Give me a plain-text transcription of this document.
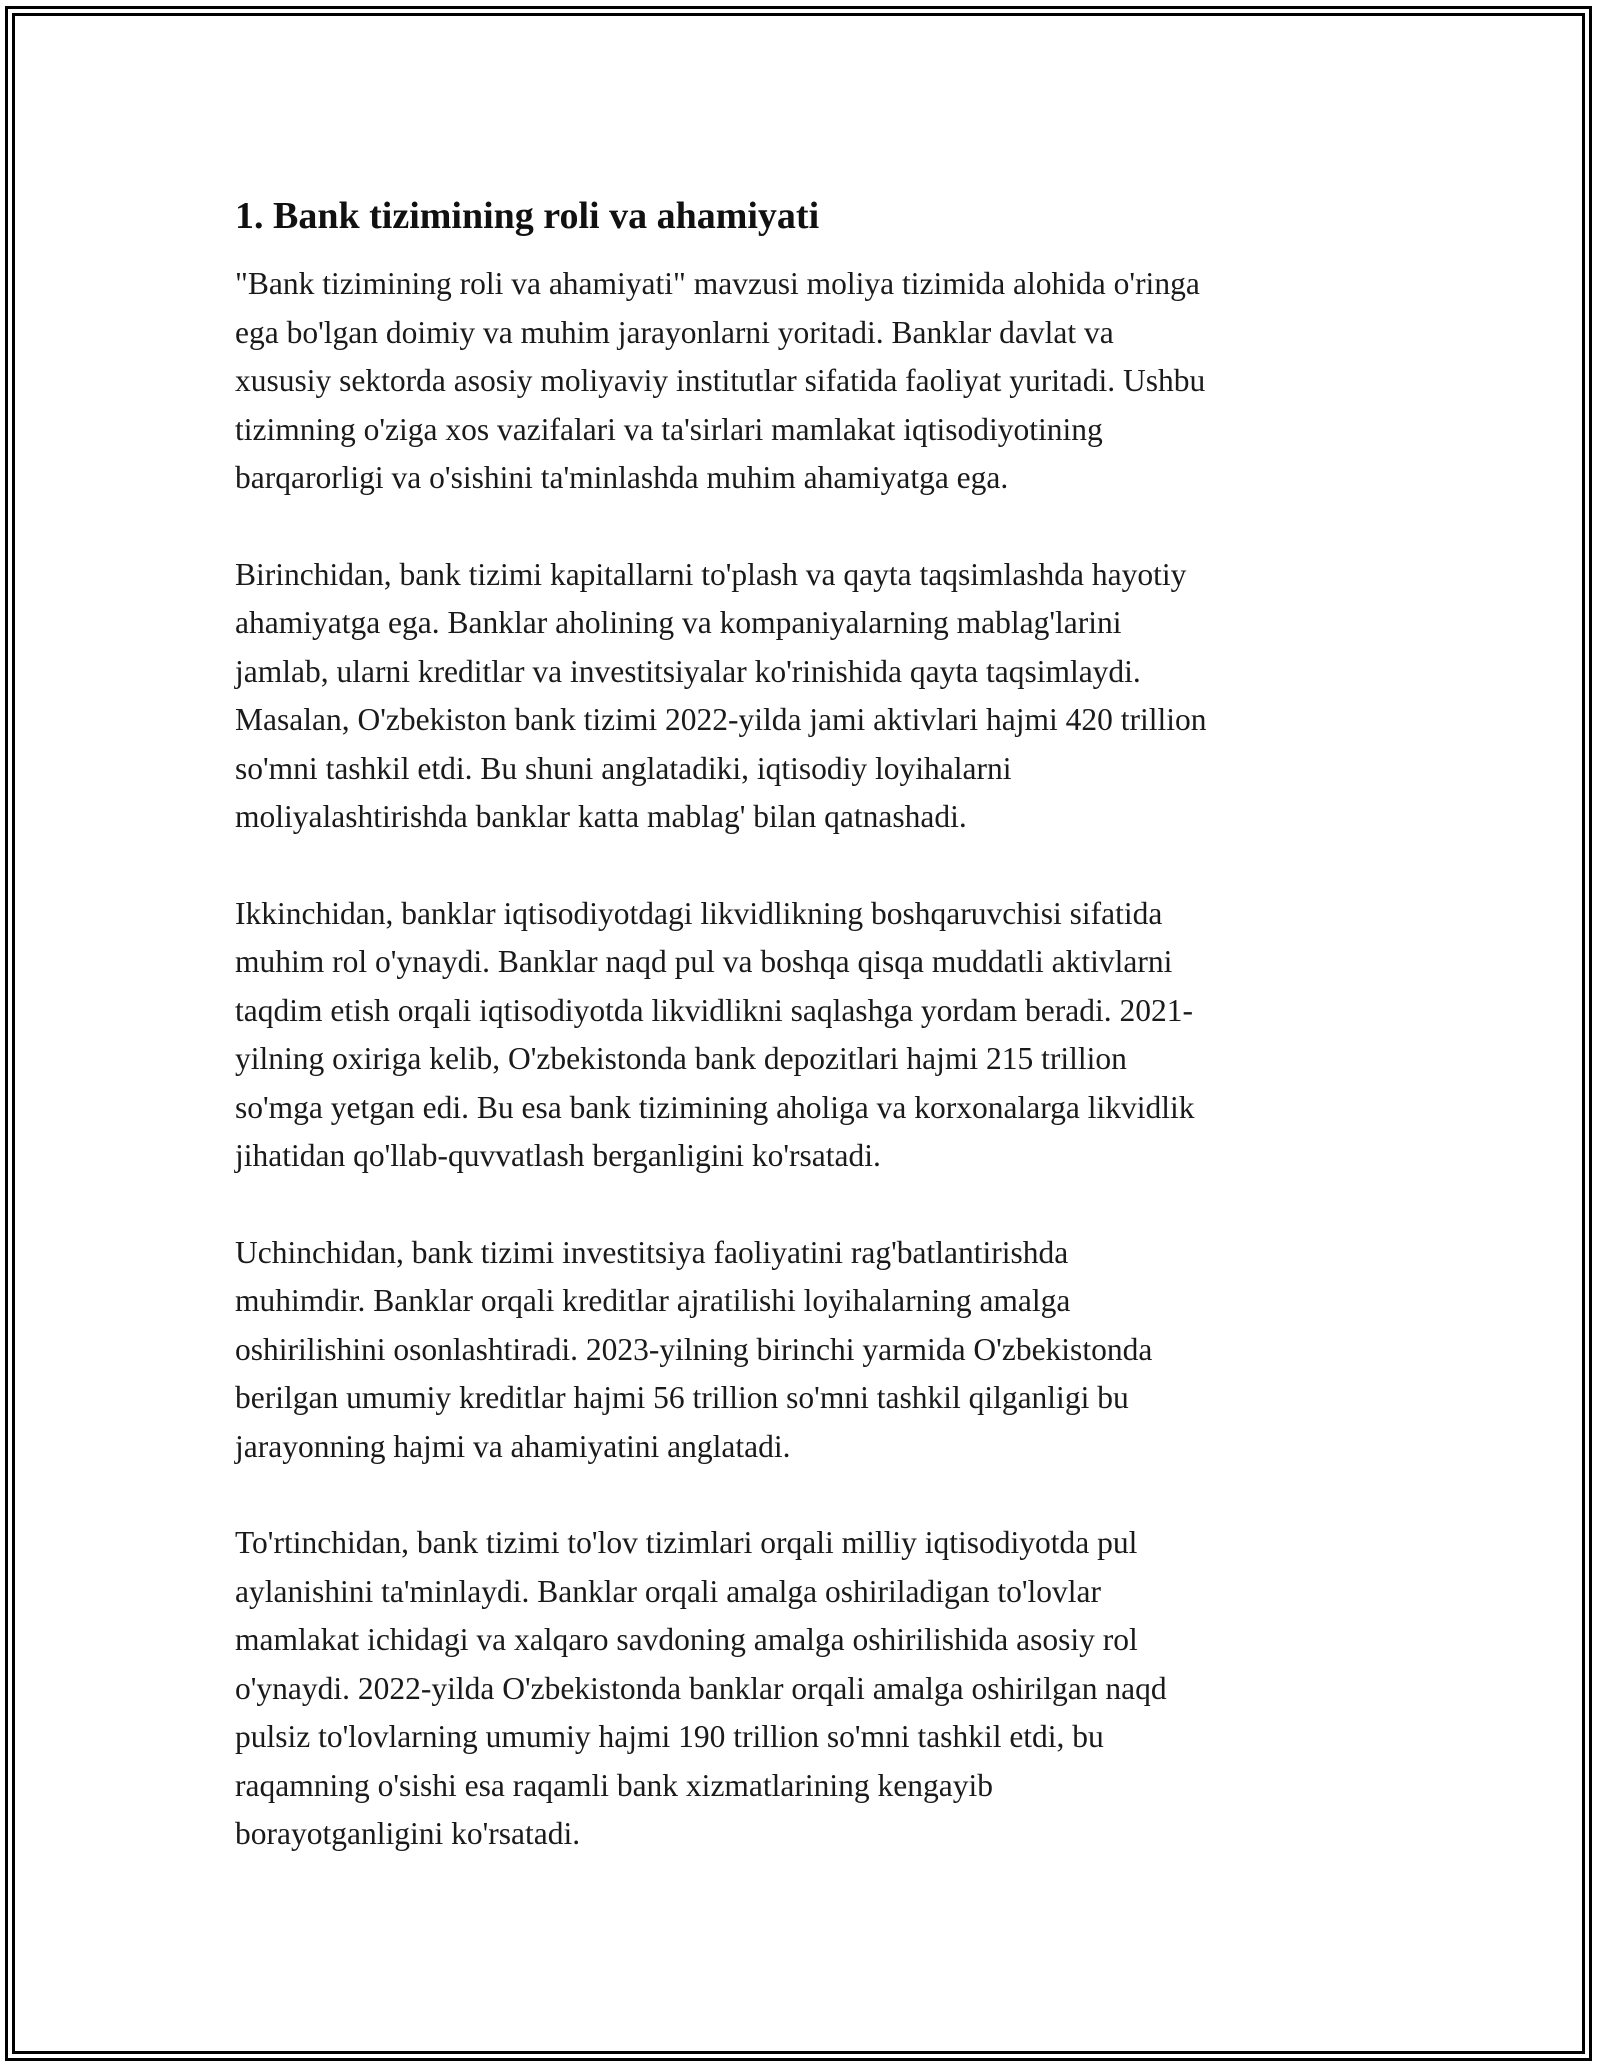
1. Bank tizimining roli va ahamiyati
"Bank tizimining roli va ahamiyati" mavzusi moliya tizimida alohida o'ringa
ega bo'lgan doimiy va muhim jarayonlarni yoritadi. Banklar davlat va
xususiy sektorda asosiy moliyaviy institutlar sifatida faoliyat yuritadi. Ushbu
tizimning o'ziga xos vazifalari va ta'sirlari mamlakat iqtisodiyotining
barqarorligi va o'sishini ta'minlashda muhim ahamiyatga ega.
Birinchidan, bank tizimi kapitallarni to'plash va qayta taqsimlashda hayotiy
ahamiyatga ega. Banklar aholining va kompaniyalarning mablag'larini
jamlab, ularni kreditlar va investitsiyalar ko'rinishida qayta taqsimlaydi.
Masalan, O'zbekiston bank tizimi 2022-yilda jami aktivlari hajmi 420 trillion
so'mni tashkil etdi. Bu shuni anglatadiki, iqtisodiy loyihalarni
moliyalashtirishda banklar katta mablag' bilan qatnashadi.
Ikkinchidan, banklar iqtisodiyotdagi likvidlikning boshqaruvchisi sifatida
muhim rol o'ynaydi. Banklar naqd pul va boshqa qisqa muddatli aktivlarni
taqdim etish orqali iqtisodiyotda likvidlikni saqlashga yordam beradi. 2021-
yilning oxiriga kelib, O'zbekistonda bank depozitlari hajmi 215 trillion
so'mga yetgan edi. Bu esa bank tizimining aholiga va korxonalarga likvidlik
jihatidan qo'llab-quvvatlash berganligini ko'rsatadi.
Uchinchidan, bank tizimi investitsiya faoliyatini rag'batlantirishda
muhimdir. Banklar orqali kreditlar ajratilishi loyihalarning amalga
oshirilishini osonlashtiradi. 2023-yilning birinchi yarmida O'zbekistonda
berilgan umumiy kreditlar hajmi 56 trillion so'mni tashkil qilganligi bu
jarayonning hajmi va ahamiyatini anglatadi.
To'rtinchidan, bank tizimi to'lov tizimlari orqali milliy iqtisodiyotda pul
aylanishini ta'minlaydi. Banklar orqali amalga oshiriladigan to'lovlar
mamlakat ichidagi va xalqaro savdoning amalga oshirilishida asosiy rol
o'ynaydi. 2022-yilda O'zbekistonda banklar orqali amalga oshirilgan naqd
pulsiz to'lovlarning umumiy hajmi 190 trillion so'mni tashkil etdi, bu
raqamning o'sishi esa raqamli bank xizmatlarining kengayib
borayotganligini ko'rsatadi.
